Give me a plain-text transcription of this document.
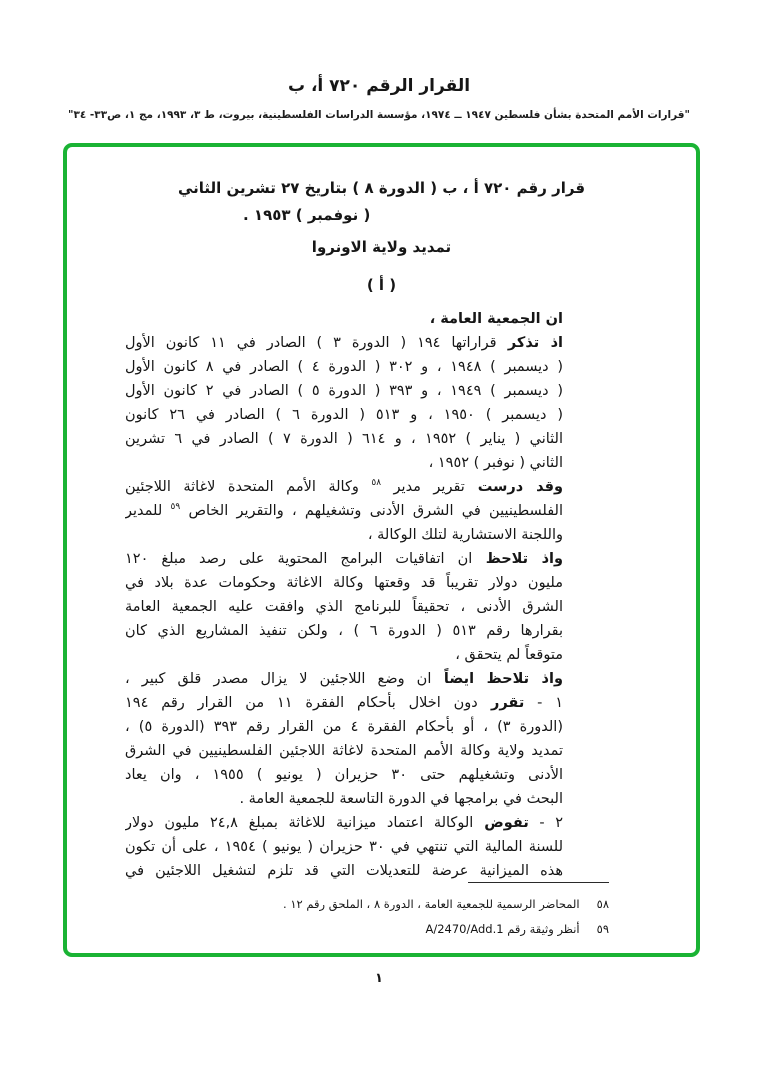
القرار الرقم ٧٢٠ أ، ب
"قرارات الأمم المتحدة بشأن فلسطين ١٩٤٧ ــ ١٩٧٤، مؤسسة الدراسات الفلسطينية، بيروت، ط ٣، ١٩٩٣، مج ١، ص٣٣- ٣٤"
قرار رقم ٧٢٠ أ ، ب ( الدورة ٨ ) بتاريخ ٢٧ تشرين الثاني
( نوفمبر ) ١٩٥٣ .
تمديد ولاية الاونروا
( أ )
ان الجمعية العامة ،
اذ تذكر قراراتها ١٩٤ ( الدورة ٣ ) الصادر في ١١ كانون الأول
( ديسمبر ) ١٩٤٨ ، و ٣٠٢ ( الدورة ٤ ) الصادر في ٨ كانون الأول
( ديسمبر ) ١٩٤٩ ، و ٣٩٣ ( الدورة ٥ ) الصادر في ٢ كانون الأول
( ديسمبر ) ١٩٥٠ ، و ٥١٣ ( الدورة ٦ ) الصادر في ٢٦ كانون
الثاني ( يناير ) ١٩٥٢ ، و ٦١٤ ( الدورة ٧ ) الصادر في ٦ تشرين
الثاني ( نوفبر ) ١٩٥٢ ،
وقد درست تقرير مدير $^{٥٨}$ وكالة الأمم المتحدة لاغاثة اللاجئين
الفلسطينيين في الشرق الأدنى وتشغيلهم ، والتقرير الخاص $^{٥٩}$ للمدير
واللجنة الاستشارية لتلك الوكالة ،
واذ تلاحظ ان اتفاقيات البرامج المحتوية على رصد مبلغ ١٢٠
مليون دولار تقريباً قد وقعتها وكالة الاغاثة وحكومات عدة بلاد في
الشرق الأدنى ، تحقيقاً للبرنامج الذي وافقت عليه الجمعية العامة
بقرارها رقم ٥١٣ ( الدورة ٦ ) ، ولكن تنفيذ المشاريع الذي كان
متوقعاً لم يتحقق ،
واذ تلاحظ ايضاً ان وضع اللاجئين لا يزال مصدر قلق كبير ،
١ - تقرر دون اخلال بأحكام الفقرة ١١ من القرار رقم ١٩٤
(الدورة ٣) ، أو بأحكام الفقرة ٤ من القرار رقم ٣٩٣ (الدورة ٥) ،
تمديد ولاية وكالة الأمم المتحدة لاغاثة اللاجئين الفلسطينيين في الشرق
الأدنى وتشغيلهم حتى ٣٠ حزيران ( يونيو ) ١٩٥٥ ، وان يعاد
البحث في برامجها في الدورة التاسعة للجمعية العامة .
٢ - تفوض الوكالة اعتماد ميزانية للاغاثة بمبلغ ٢٤,٨ مليون دولار
للسنة المالية التي تنتهي في ٣٠ حزيران ( يونيو ) ١٩٥٤ ، على أن تكون
هذه الميزانية عرضة للتعديلات التي قد تلزم لتشغيل اللاجئين في
٥٨
المحاضر الرسمية للجمعية العامة ، الدورة ٨ ، الملحق رقم ١٢ .
٥٩
أنظر وثيقة رقم A/2470/Add.1
١
